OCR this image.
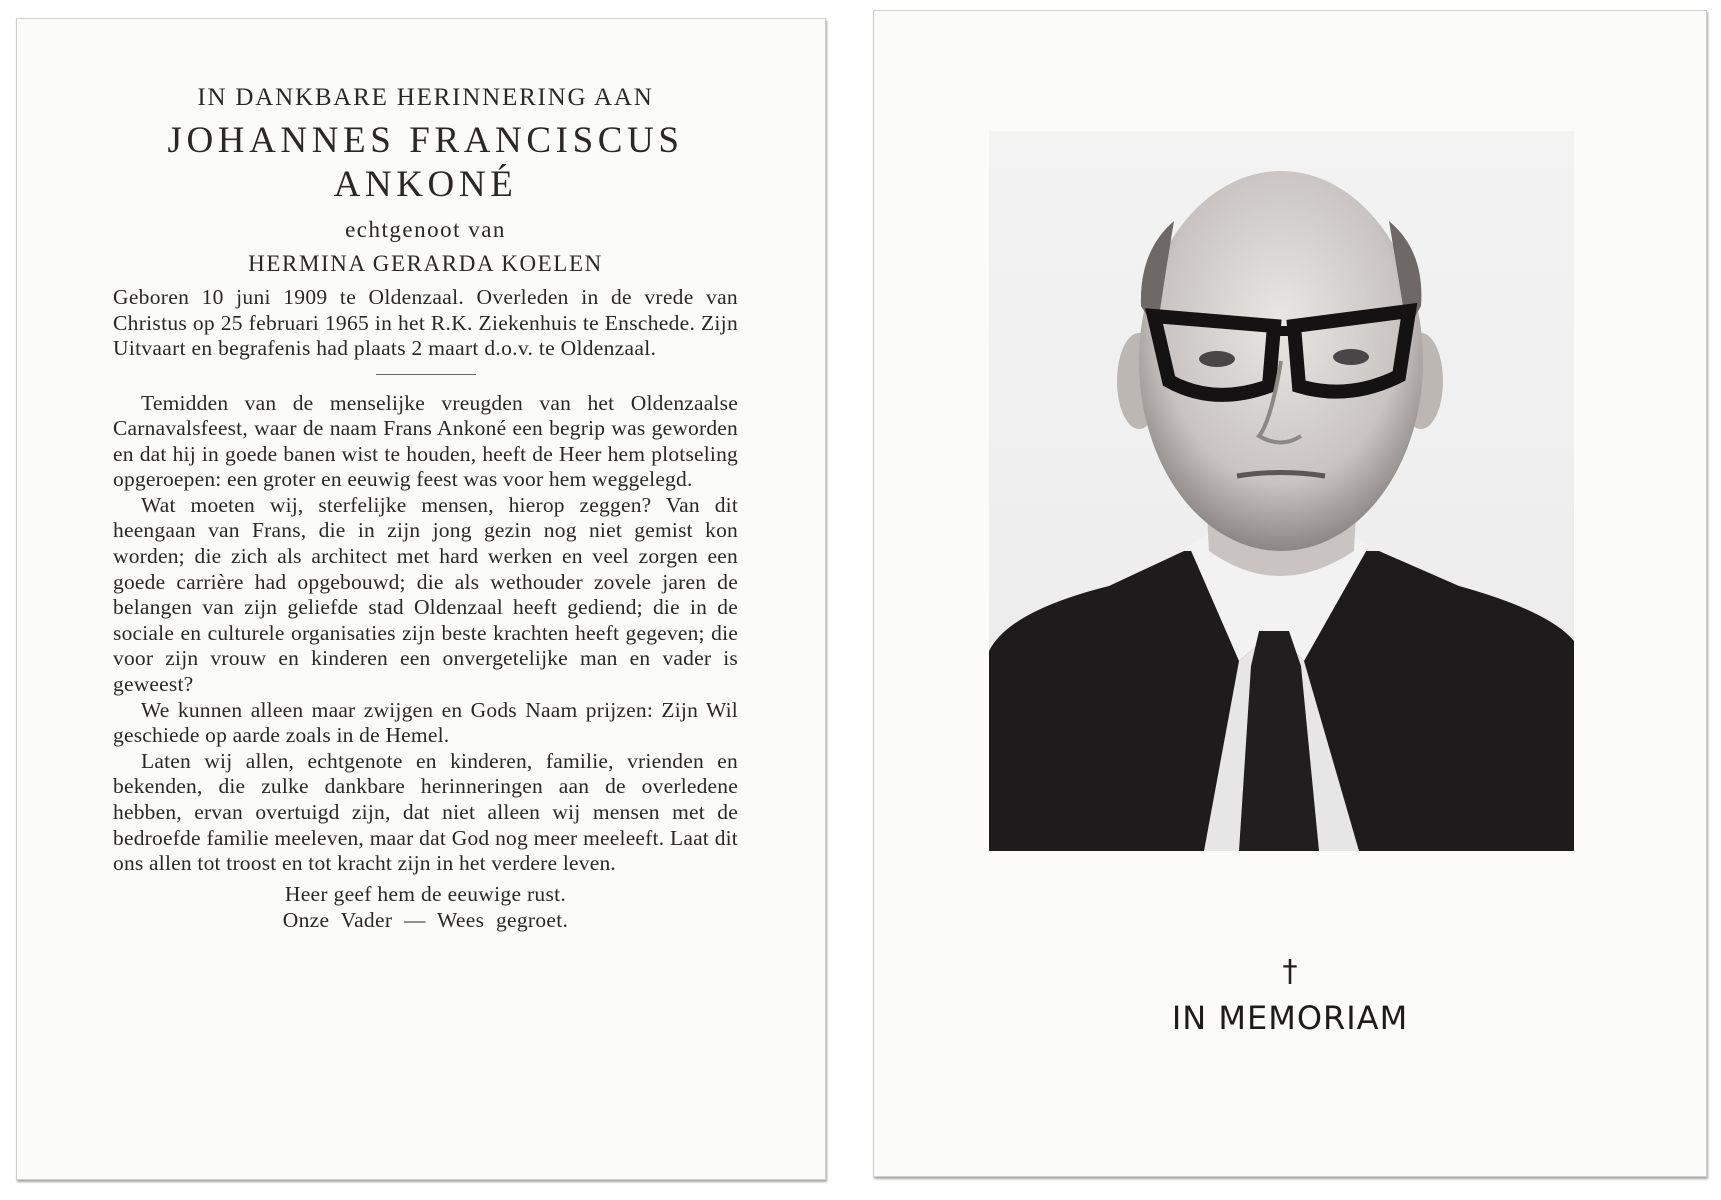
IN DANKBARE HERINNERING AAN
JOHANNES FRANCISCUS
ANKONÉ
echtgenoot van
HERMINA GERARDA KOELEN
Geboren 10 juni 1909 te Oldenzaal. Overleden in de vrede van Christus op 25 februari 1965 in het R.K. Ziekenhuis te Enschede. Zijn Uitvaart en begrafenis had plaats 2 maart d.o.v. te Oldenzaal.

Temidden van de menselijke vreugden van het Oldenzaalse Carnavalsfeest, waar de naam Frans Ankoné een begrip was geworden en dat hij in goede banen wist te houden, heeft de Heer hem plotseling opgeroepen: een groter en eeuwig feest was voor hem weggelegd.

Wat moeten wij, sterfelijke mensen, hierop zeggen? Van dit heengaan van Frans, die in zijn jong gezin nog niet gemist kon worden; die zich als architect met hard werken en veel zorgen een goede carrière had opgebouwd; die als wethouder zovele jaren de belangen van zijn geliefde stad Oldenzaal heeft gediend; die in de sociale en culturele organisaties zijn beste krachten heeft gegeven; die voor zijn vrouw en kinderen een onvergetelijke man en vader is geweest?

We kunnen alleen maar zwijgen en Gods Naam prijzen: Zijn Wil geschiede op aarde zoals in de Hemel.

Laten wij allen, echtgenote en kinderen, familie, vrienden en bekenden, die zulke dankbare herinneringen aan de overledene hebben, ervan overtuigd zijn, dat niet alleen wij mensen met de bedroefde familie meeleven, maar dat God nog meer meeleeft. Laat dit ons allen tot troost en tot kracht zijn in het verdere leven.

Heer geef hem de eeuwige rust.
Onze Vader — Wees gegroet.
†
IN MEMORIAM
